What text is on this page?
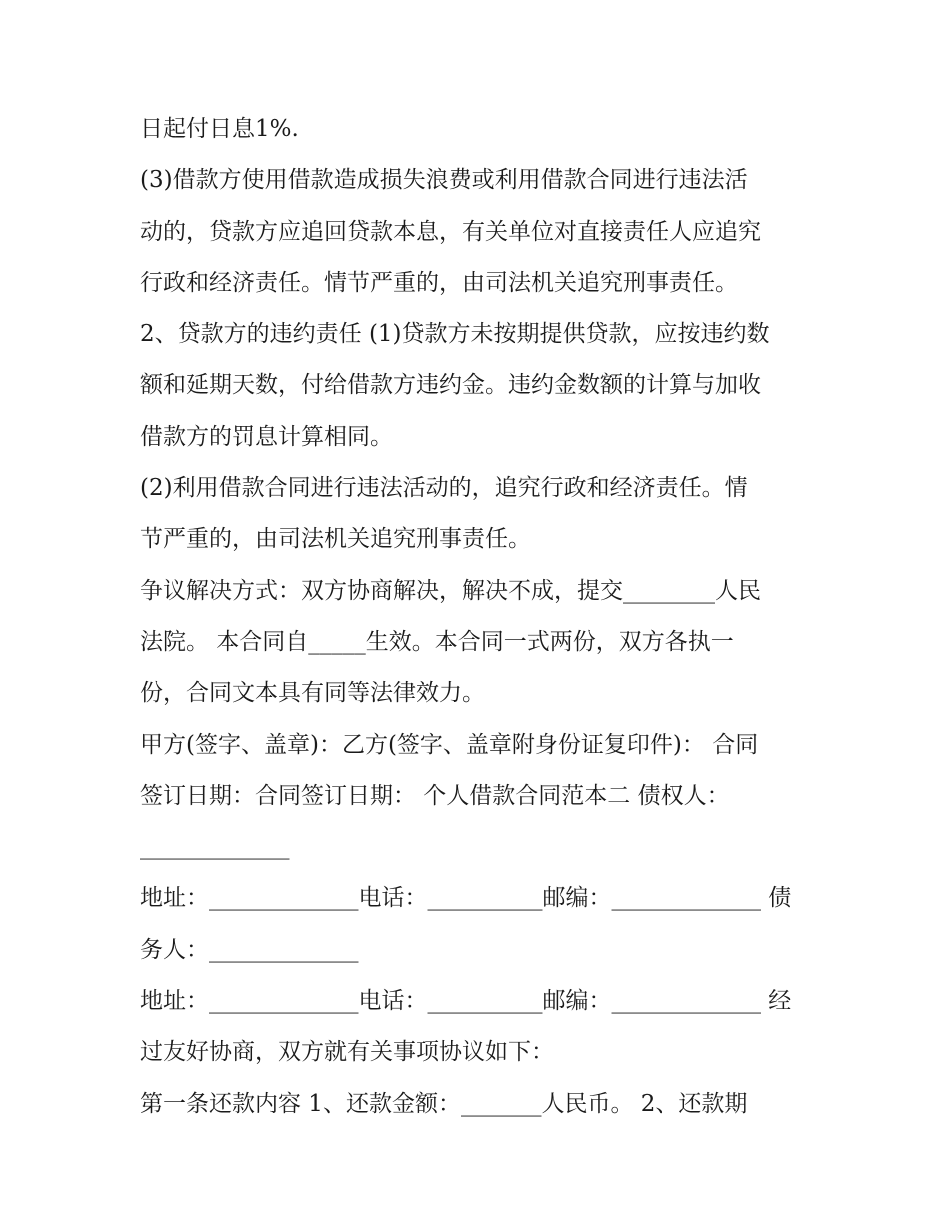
日起付日息1%.
(3)借款方使用借款造成损失浪费或利用借款合同进行违法活
动的，贷款方应追回贷款本息，有关单位对直接责任人应追究
行政和经济责任。情节严重的，由司法机关追究刑事责任。
2、贷款方的违约责任 (1)贷款方未按期提供贷款，应按违约数
额和延期天数，付给借款方违约金。违约金数额的计算与加收
借款方的罚息计算相同。
(2)利用借款合同进行违法活动的，追究行政和经济责任。情
节严重的，由司法机关追究刑事责任。
争议解决方式：双方协商解决，解决不成，提交________人民
法院。 本合同自_____生效。本合同一式两份，双方各执一
份，合同文本具有同等法律效力。
甲方(签字、盖章)：乙方(签字、盖章附身份证复印件)： 合同
签订日期：合同签订日期： 个人借款合同范本二 债权人：
_____________
地址：_____________电话：__________邮编：_____________ 债
务人：_____________
地址：_____________电话：__________邮编：_____________ 经
过友好协商，双方就有关事项协议如下：
第一条还款内容 1、还款金额：_______人民币。 2、还款期
